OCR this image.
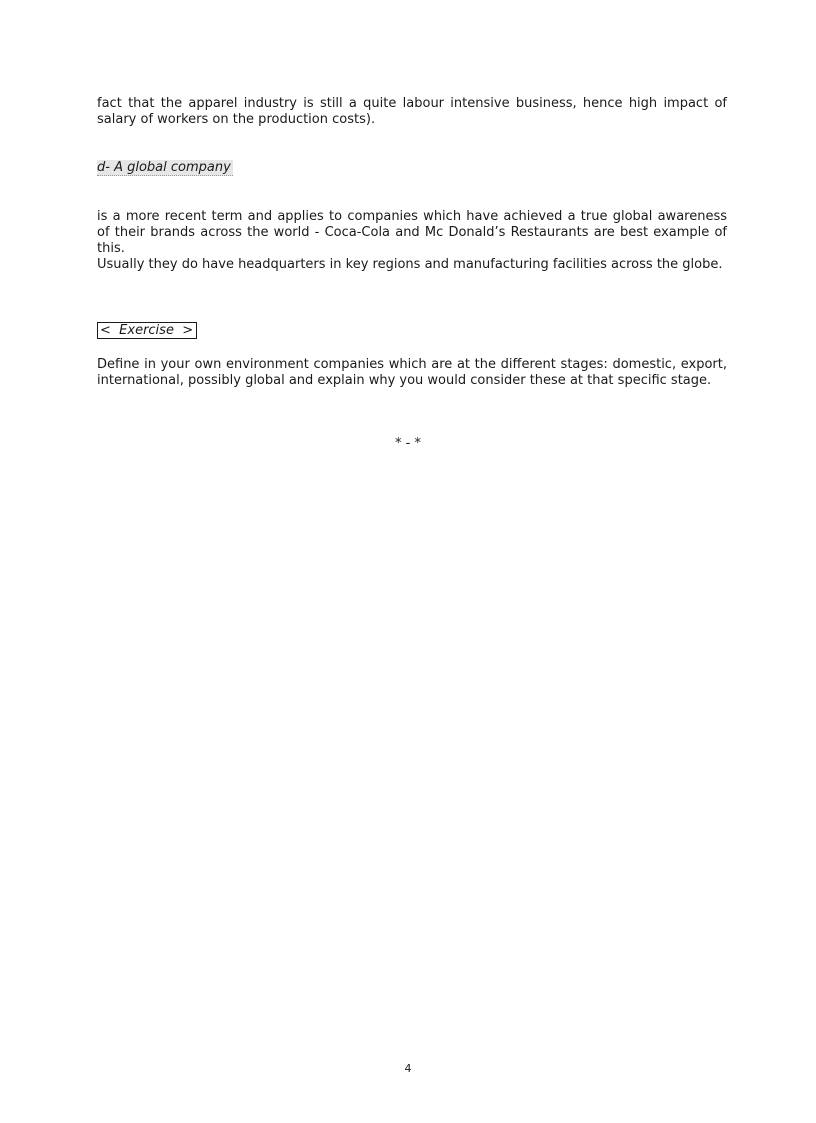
fact that the apparel industry is still a quite labour intensive business, hence high impact of salary of workers on the production costs).

d- A global company

is a more recent term and applies to companies which have achieved a true global awareness of their brands across the world - Coca-Cola and Mc Donald’s Restaurants are best example of this.
Usually they do have headquarters in key regions and manufacturing facilities across the globe.

<  Exercise  >

Define in your own environment companies which are at the different stages: domestic, export, international, possibly global and explain why you would consider these at that specific stage.

* - *

4
